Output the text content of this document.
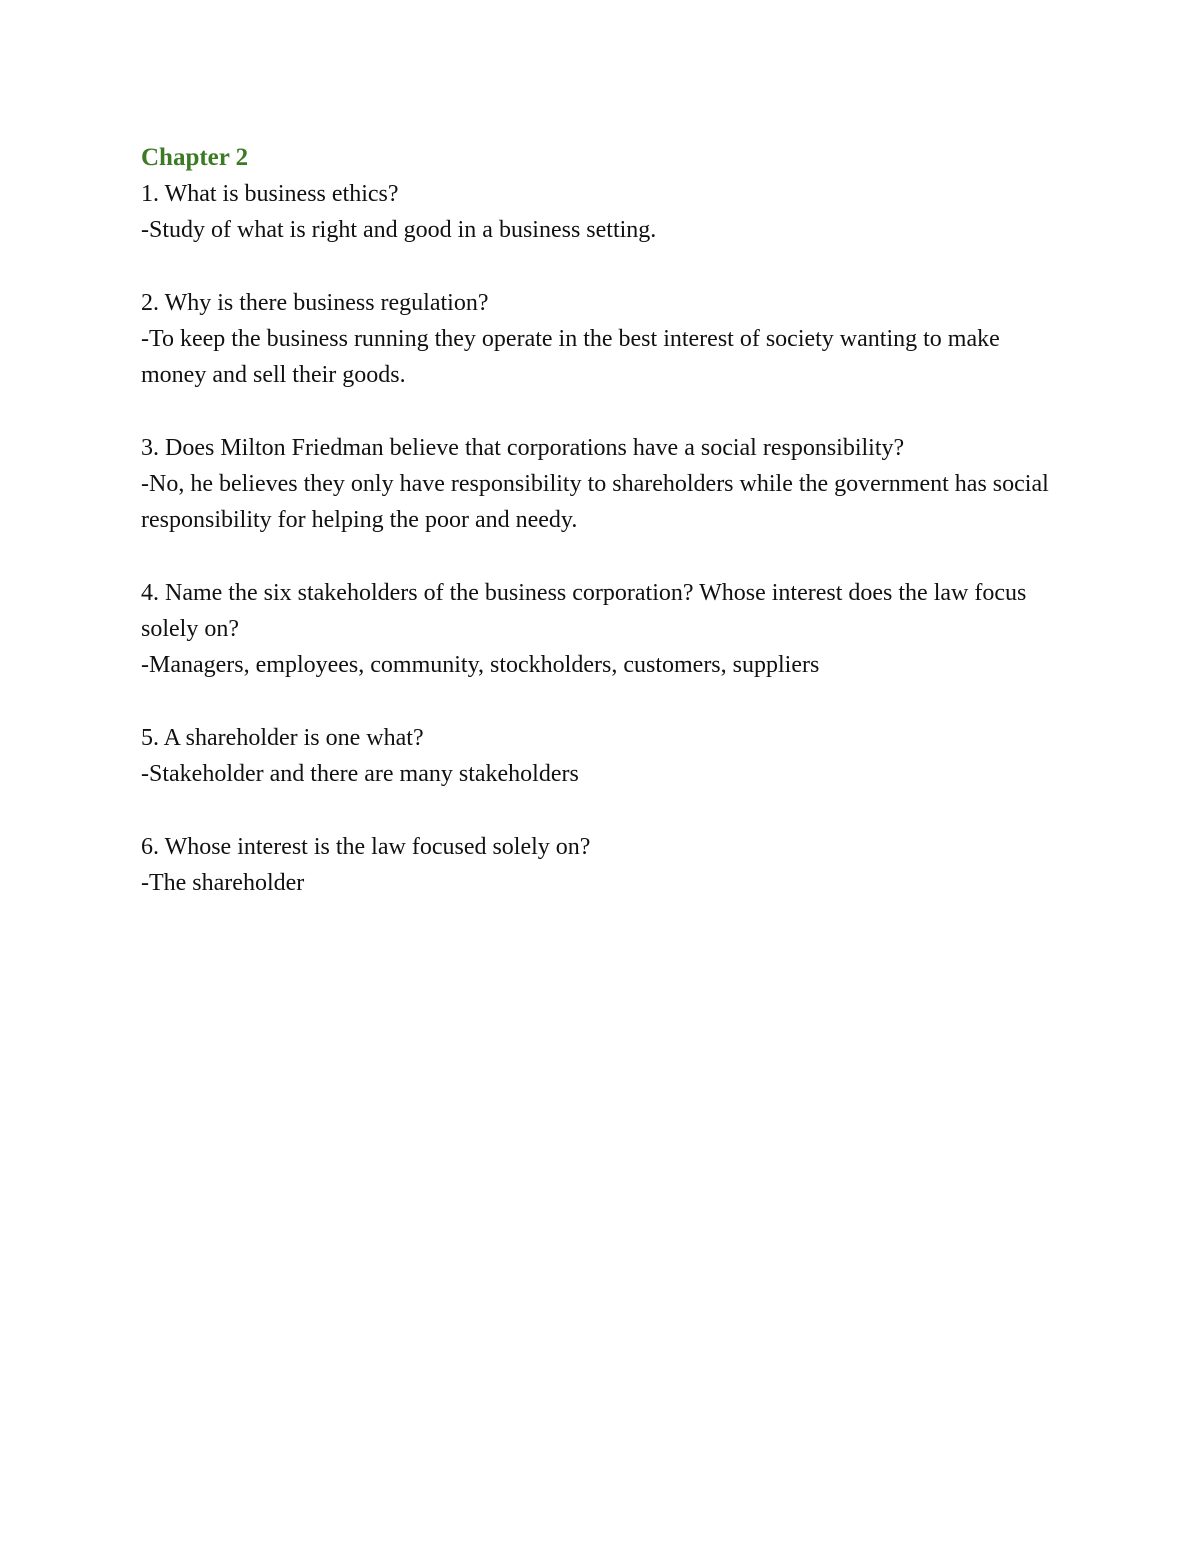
Chapter 2

1. What is business ethics?

-Study of what is right and good in a business setting.

2. Why is there business regulation?

-To keep the business running they operate in the best interest of society wanting to make money and sell their goods.

3. Does Milton Friedman believe that corporations have a social responsibility?

-No, he believes they only have responsibility to shareholders while the government has social responsibility for helping the poor and needy.

4. Name the six stakeholders of the business corporation? Whose interest does the law focus solely on?

-Managers, employees, community, stockholders, customers, suppliers

5. A shareholder is one what?

-Stakeholder and there are many stakeholders

6. Whose interest is the law focused solely on?

-The shareholder
